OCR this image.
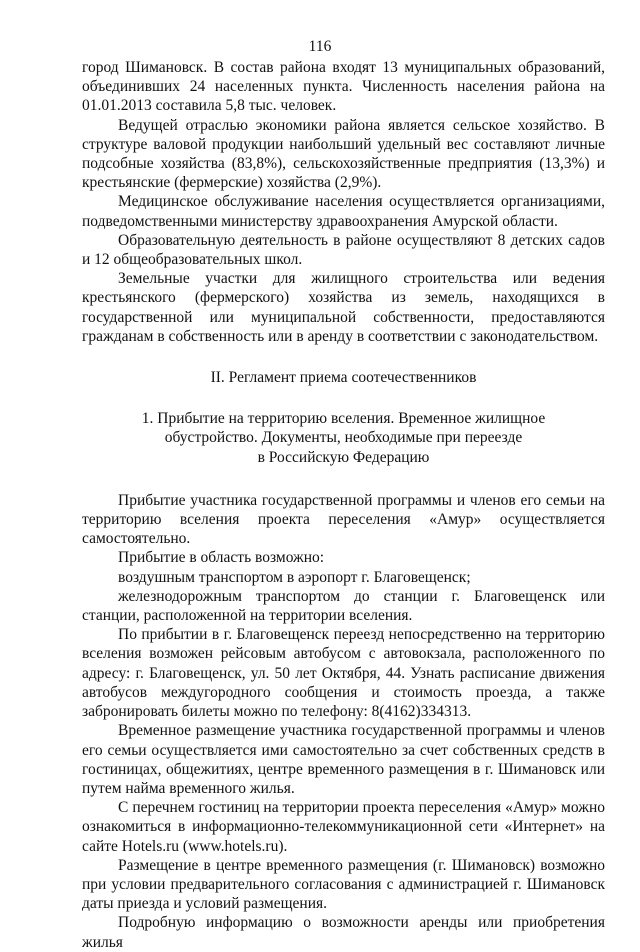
116

город Шимановск. В состав района входят 13 муниципальных образований, объединивших 24 населенных пункта. Численность населения района на 01.01.2013 составила 5,8 тыс. человек.

Ведущей отраслью экономики района является сельское хозяйство. В структуре валовой продукции наибольший удельный вес составляют личные подсобные хозяйства (83,8%), сельскохозяйственные предприятия (13,3%) и крестьянские (фермерские) хозяйства (2,9%).

Медицинское обслуживание населения осуществляется организациями, подведомственными министерству здравоохранения Амурской области.

Образовательную деятельность в районе осуществляют 8 детских садов и 12 общеобразовательных школ.

Земельные участки для жилищного строительства или ведения крестьянского (фермерского) хозяйства из земель, находящихся в государственной или муниципальной собственности, предоставляются гражданам в собственность или в аренду в соответствии с законодательством.

II. Регламент приема соотечественников
1. Прибытие на территорию вселения. Временное жилищное
обустройство. Документы, необходимые при переезде
в Российскую Федерацию

Прибытие участника государственной программы и членов его семьи на территорию вселения проекта переселения «Амур» осуществляется самостоятельно.

Прибытие в область возможно:

воздушным транспортом в аэропорт г. Благовещенск;

железнодорожным транспортом до станции г. Благовещенск или станции, расположенной на территории вселения.

По прибытии в г. Благовещенск переезд непосредственно на территорию вселения возможен рейсовым автобусом с автовокзала, расположенного по адресу: г. Благовещенск, ул. 50 лет Октября, 44. Узнать расписание движения автобусов междугородного сообщения и стоимость проезда, а также забронировать билеты можно по телефону: 8(4162)334313.

Временное размещение участника государственной программы и членов его семьи осуществляется ими самостоятельно за счет собственных средств в гостиницах, общежитиях, центре временного размещения в г. Шимановск или путем найма временного жилья.

С перечнем гостиниц на территории проекта переселения «Амур» можно ознакомиться в информационно-телекоммуникационной сети «Интернет» на сайте Hotels.ru (www.hotels.ru).

Размещение в центре временного размещения (г. Шимановск) возможно при условии предварительного согласования с администрацией г. Шимановск даты приезда и условий размещения.

Подробную информацию о возможности аренды или приобретения жилья
